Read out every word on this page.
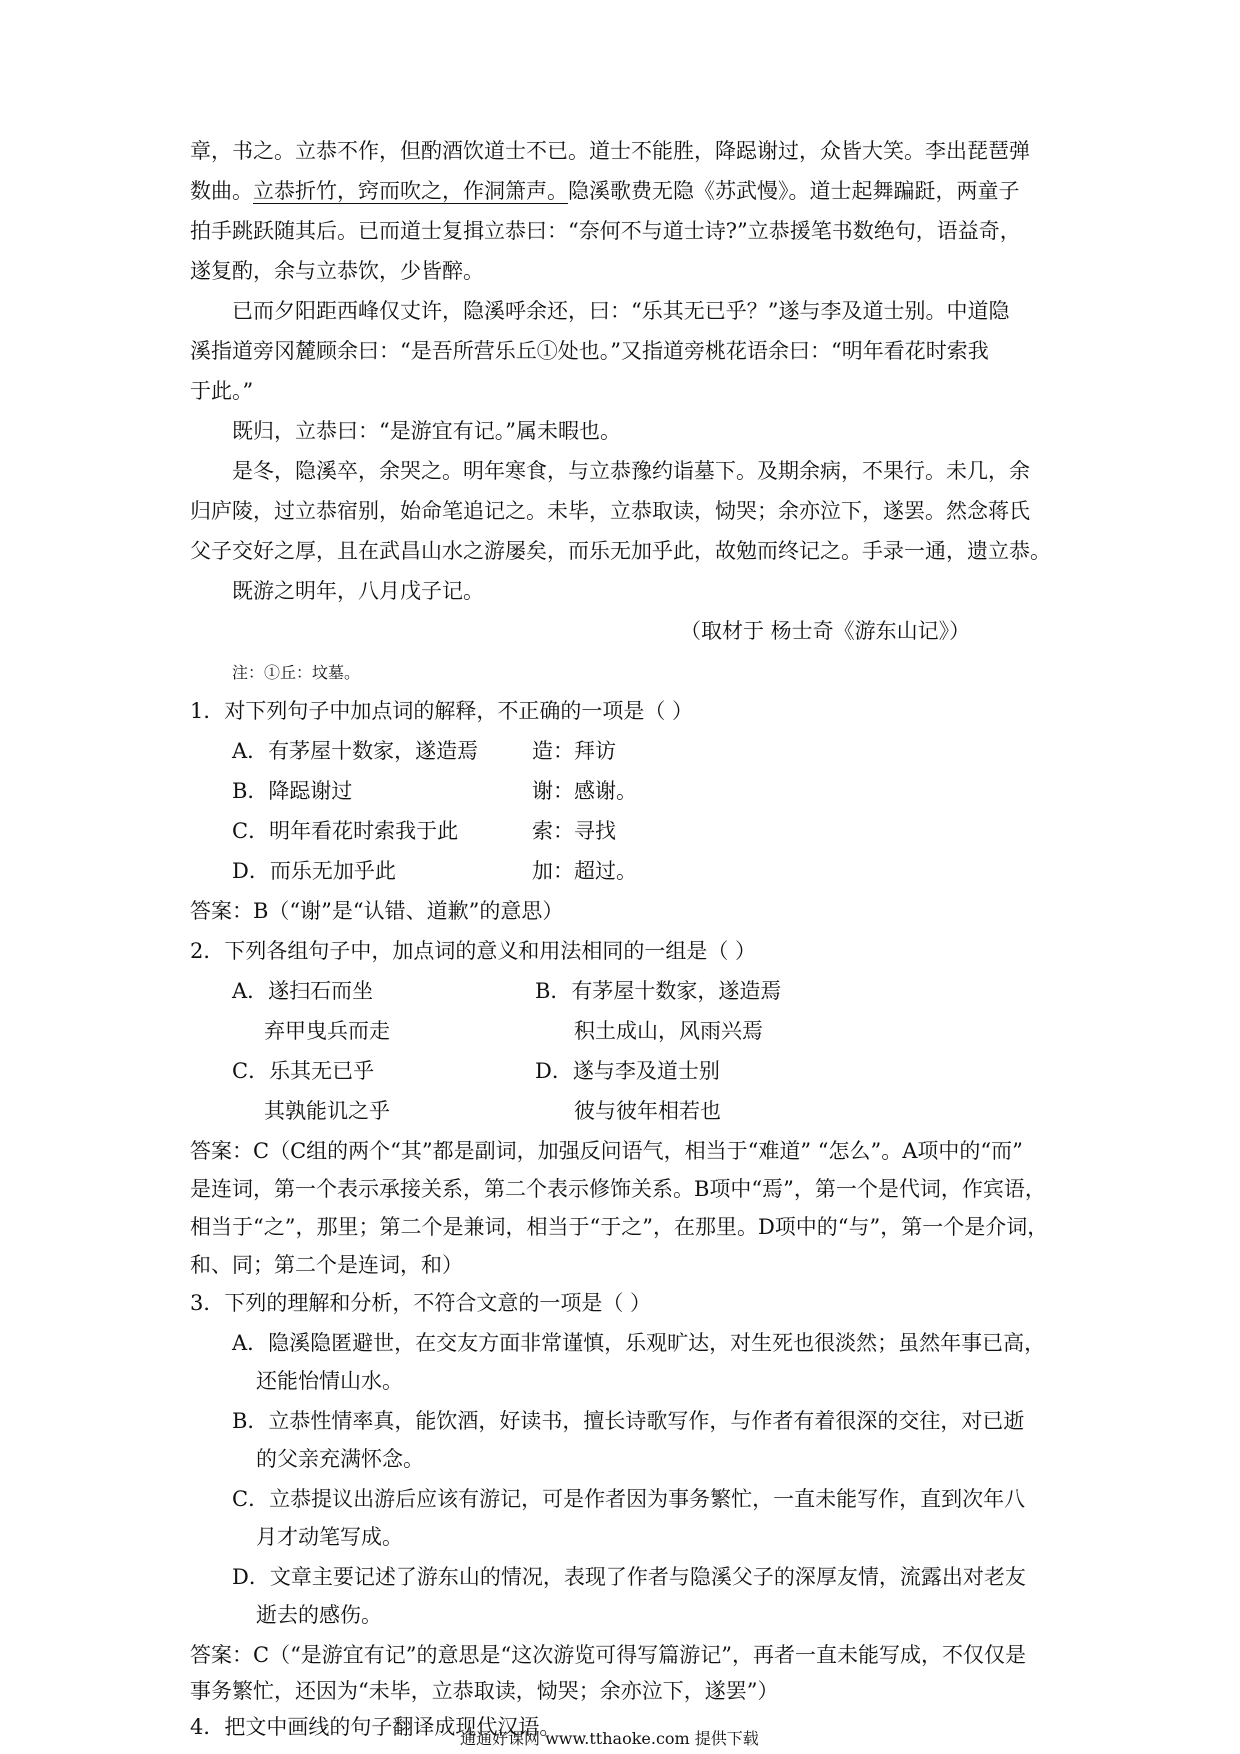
章，书之。立恭不作，但酌酒饮道士不已。道士不能胜，降跽谢过，众皆大笑。李出琵琶弹
数曲。立恭折竹，窍而吹之，作洞箫声。隐溪歌费无隐《苏武慢》。道士起舞蹁跹，两童子
拍手跳跃随其后。已而道士复揖立恭曰：“奈何不与道士诗?”立恭援笔书数绝句，语益奇，
遂复酌，余与立恭饮，少皆醉。
已而夕阳距西峰仅丈许，隐溪呼余还，曰：“乐其无已乎？”遂与李及道士别。中道隐
溪指道旁冈麓顾余曰：“是吾所营乐丘①处也。”又指道旁桃花语余曰：“明年看花时索我
于此。”
既归，立恭曰：“是游宜有记。”属未暇也。
是冬，隐溪卒，余哭之。明年寒食，与立恭豫约诣墓下。及期余病，不果行。未几，余
归庐陵，过立恭宿别，始命笔追记之。未毕，立恭取读，恸哭；余亦泣下，遂罢。然念蒋氏
父子交好之厚，且在武昌山水之游屡矣，而乐无加乎此，故勉而终记之。手录一通，遗立恭。
既游之明年，八月戊子记。
（取材于 杨士奇《游东山记》）
注：①丘：坟墓。
1．对下列句子中加点词的解释，不正确的一项是（ ）
A．有茅屋十数家，遂造焉	造：拜访
B．降跽谢过	谢：感谢。
C．明年看花时索我于此	索：寻找
D．而乐无加乎此	加：超过。
答案：B（“谢”是“认错、道歉”的意思）
2．下列各组句子中，加点词的意义和用法相同的一组是（ ）
A．遂扫石而坐	B．有茅屋十数家，遂造焉
弃甲曳兵而走	积土成山，风雨兴焉
C．乐其无已乎	D．遂与李及道士别
其孰能讥之乎	彼与彼年相若也
答案：C（C组的两个“其”都是副词，加强反问语气，相当于“难道” “怎么”。A项中的“而”
是连词，第一个表示承接关系，第二个表示修饰关系。B项中“焉”，第一个是代词，作宾语，
相当于“之”，那里；第二个是兼词，相当于“于之”，在那里。D项中的“与”，第一个是介词，
和、同；第二个是连词，和）
3．下列的理解和分析，不符合文意的一项是（ ）
A．隐溪隐匿避世，在交友方面非常谨慎，乐观旷达，对生死也很淡然；虽然年事已高，
还能怡情山水。
B．立恭性情率真，能饮酒，好读书，擅长诗歌写作，与作者有着很深的交往，对已逝
的父亲充满怀念。
C．立恭提议出游后应该有游记，可是作者因为事务繁忙，一直未能写作，直到次年八
月才动笔写成。
D．文章主要记述了游东山的情况，表现了作者与隐溪父子的深厚友情，流露出对老友
逝去的感伤。
答案：C（“是游宜有记”的意思是“这次游览可得写篇游记”，再者一直未能写成，不仅仅是
事务繁忙，还因为“未毕，立恭取读，恸哭；余亦泣下，遂罢”）
4．把文中画线的句子翻译成现代汉语。
通通好课网 www.tthaoke.com 提供下载
